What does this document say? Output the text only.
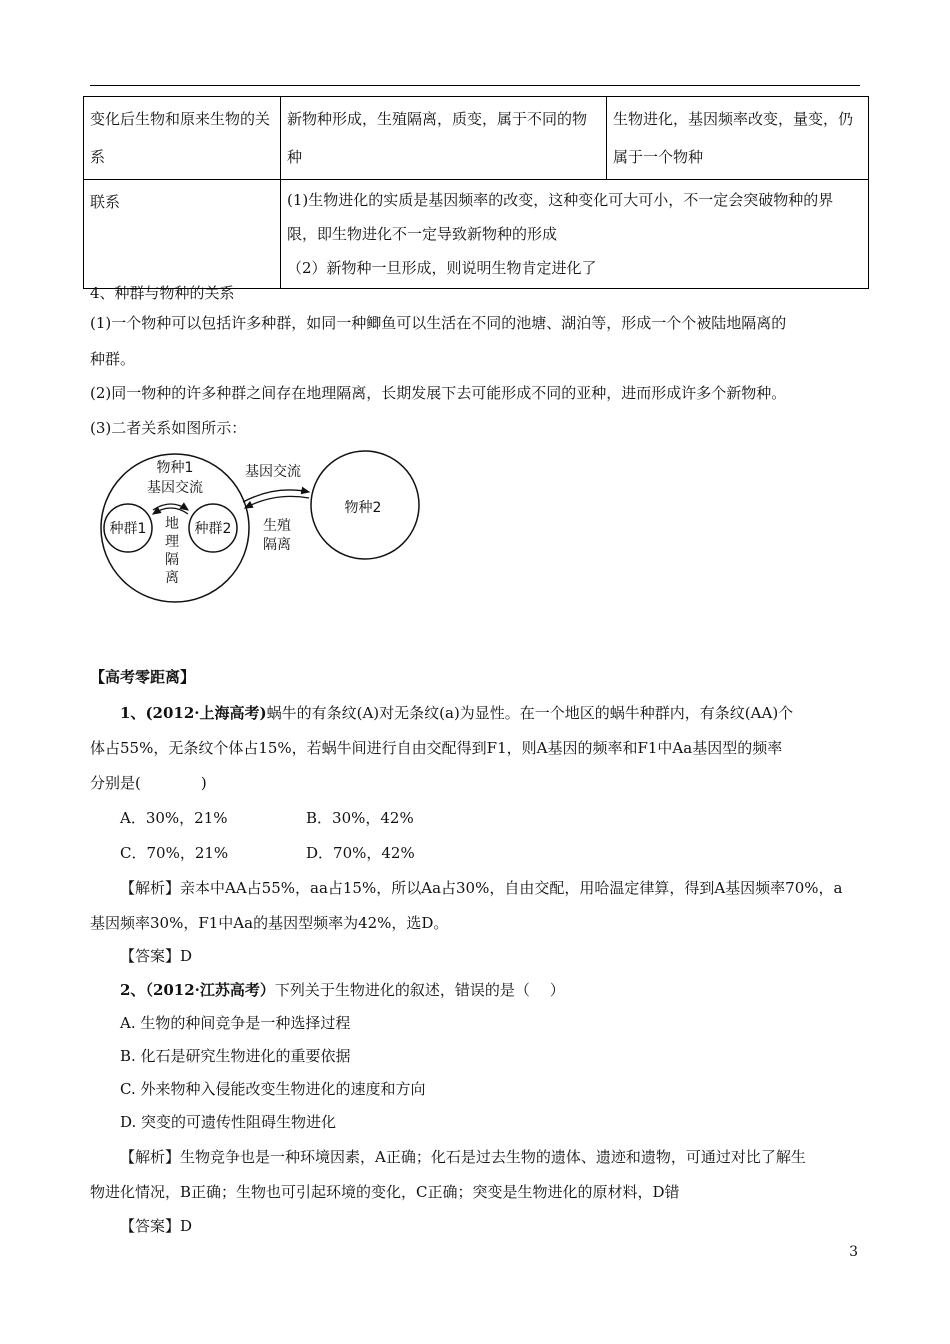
变化后生物和原来生物的关系	新物种形成，生殖隔离，质变，属于不同的物种	生物进化，基因频率改变，量变，仍属于一个物种
联系	(1)生物进化的实质是基因频率的改变，这种变化可大可小，不一定会突破物种的界限，即生物进化不一定导致新物种的形成
（2）新物种一旦形成，则说明生物肯定进化了	
4、种群与物种的关系
(1)一个物种可以包括许多种群，如同一种鲫鱼可以生活在不同的池塘、湖泊等，形成一个个被陆地隔离的
种群。
(2)同一物种的许多种群之间存在地理隔离，长期发展下去可能形成不同的亚种，进而形成许多个新物种。
(3)二者关系如图所示：
物种1
基因交流
种群1	种群2
地
理
隔
离
基因交流
生殖
隔离
物种2
【高考零距离】
1、(2012·上海高考)蜗牛的有条纹(A)对无条纹(a)为显性。在一个地区的蜗牛种群内，有条纹(AA)个
体占55%，无条纹个体占15%，若蜗牛间进行自由交配得到F1，则A基因的频率和F1中Aa基因型的频率
分别是(　　　　)
A．30%，21%	B．30%，42%
C．70%，21%	D．70%，42%
【解析】亲本中AA占55%，aa占15%，所以Aa占30%，自由交配，用哈温定律算，得到A基因频率70%，a
基因频率30%，F1中Aa的基因型频率为42%，选D。
【答案】D
2、（2012·江苏高考）下列关于生物进化的叙述，错误的是（　 ）
A. 生物的种间竞争是一种选择过程
B. 化石是研究生物进化的重要依据
C. 外来物种入侵能改变生物进化的速度和方向
D. 突变的可遗传性阻碍生物进化
【解析】生物竞争也是一种环境因素，A正确；化石是过去生物的遗体、遗迹和遗物，可通过对比了解生
物进化情况，B正确；生物也可引起环境的变化，C正确；突变是生物进化的原材料，D错
【答案】D
3
